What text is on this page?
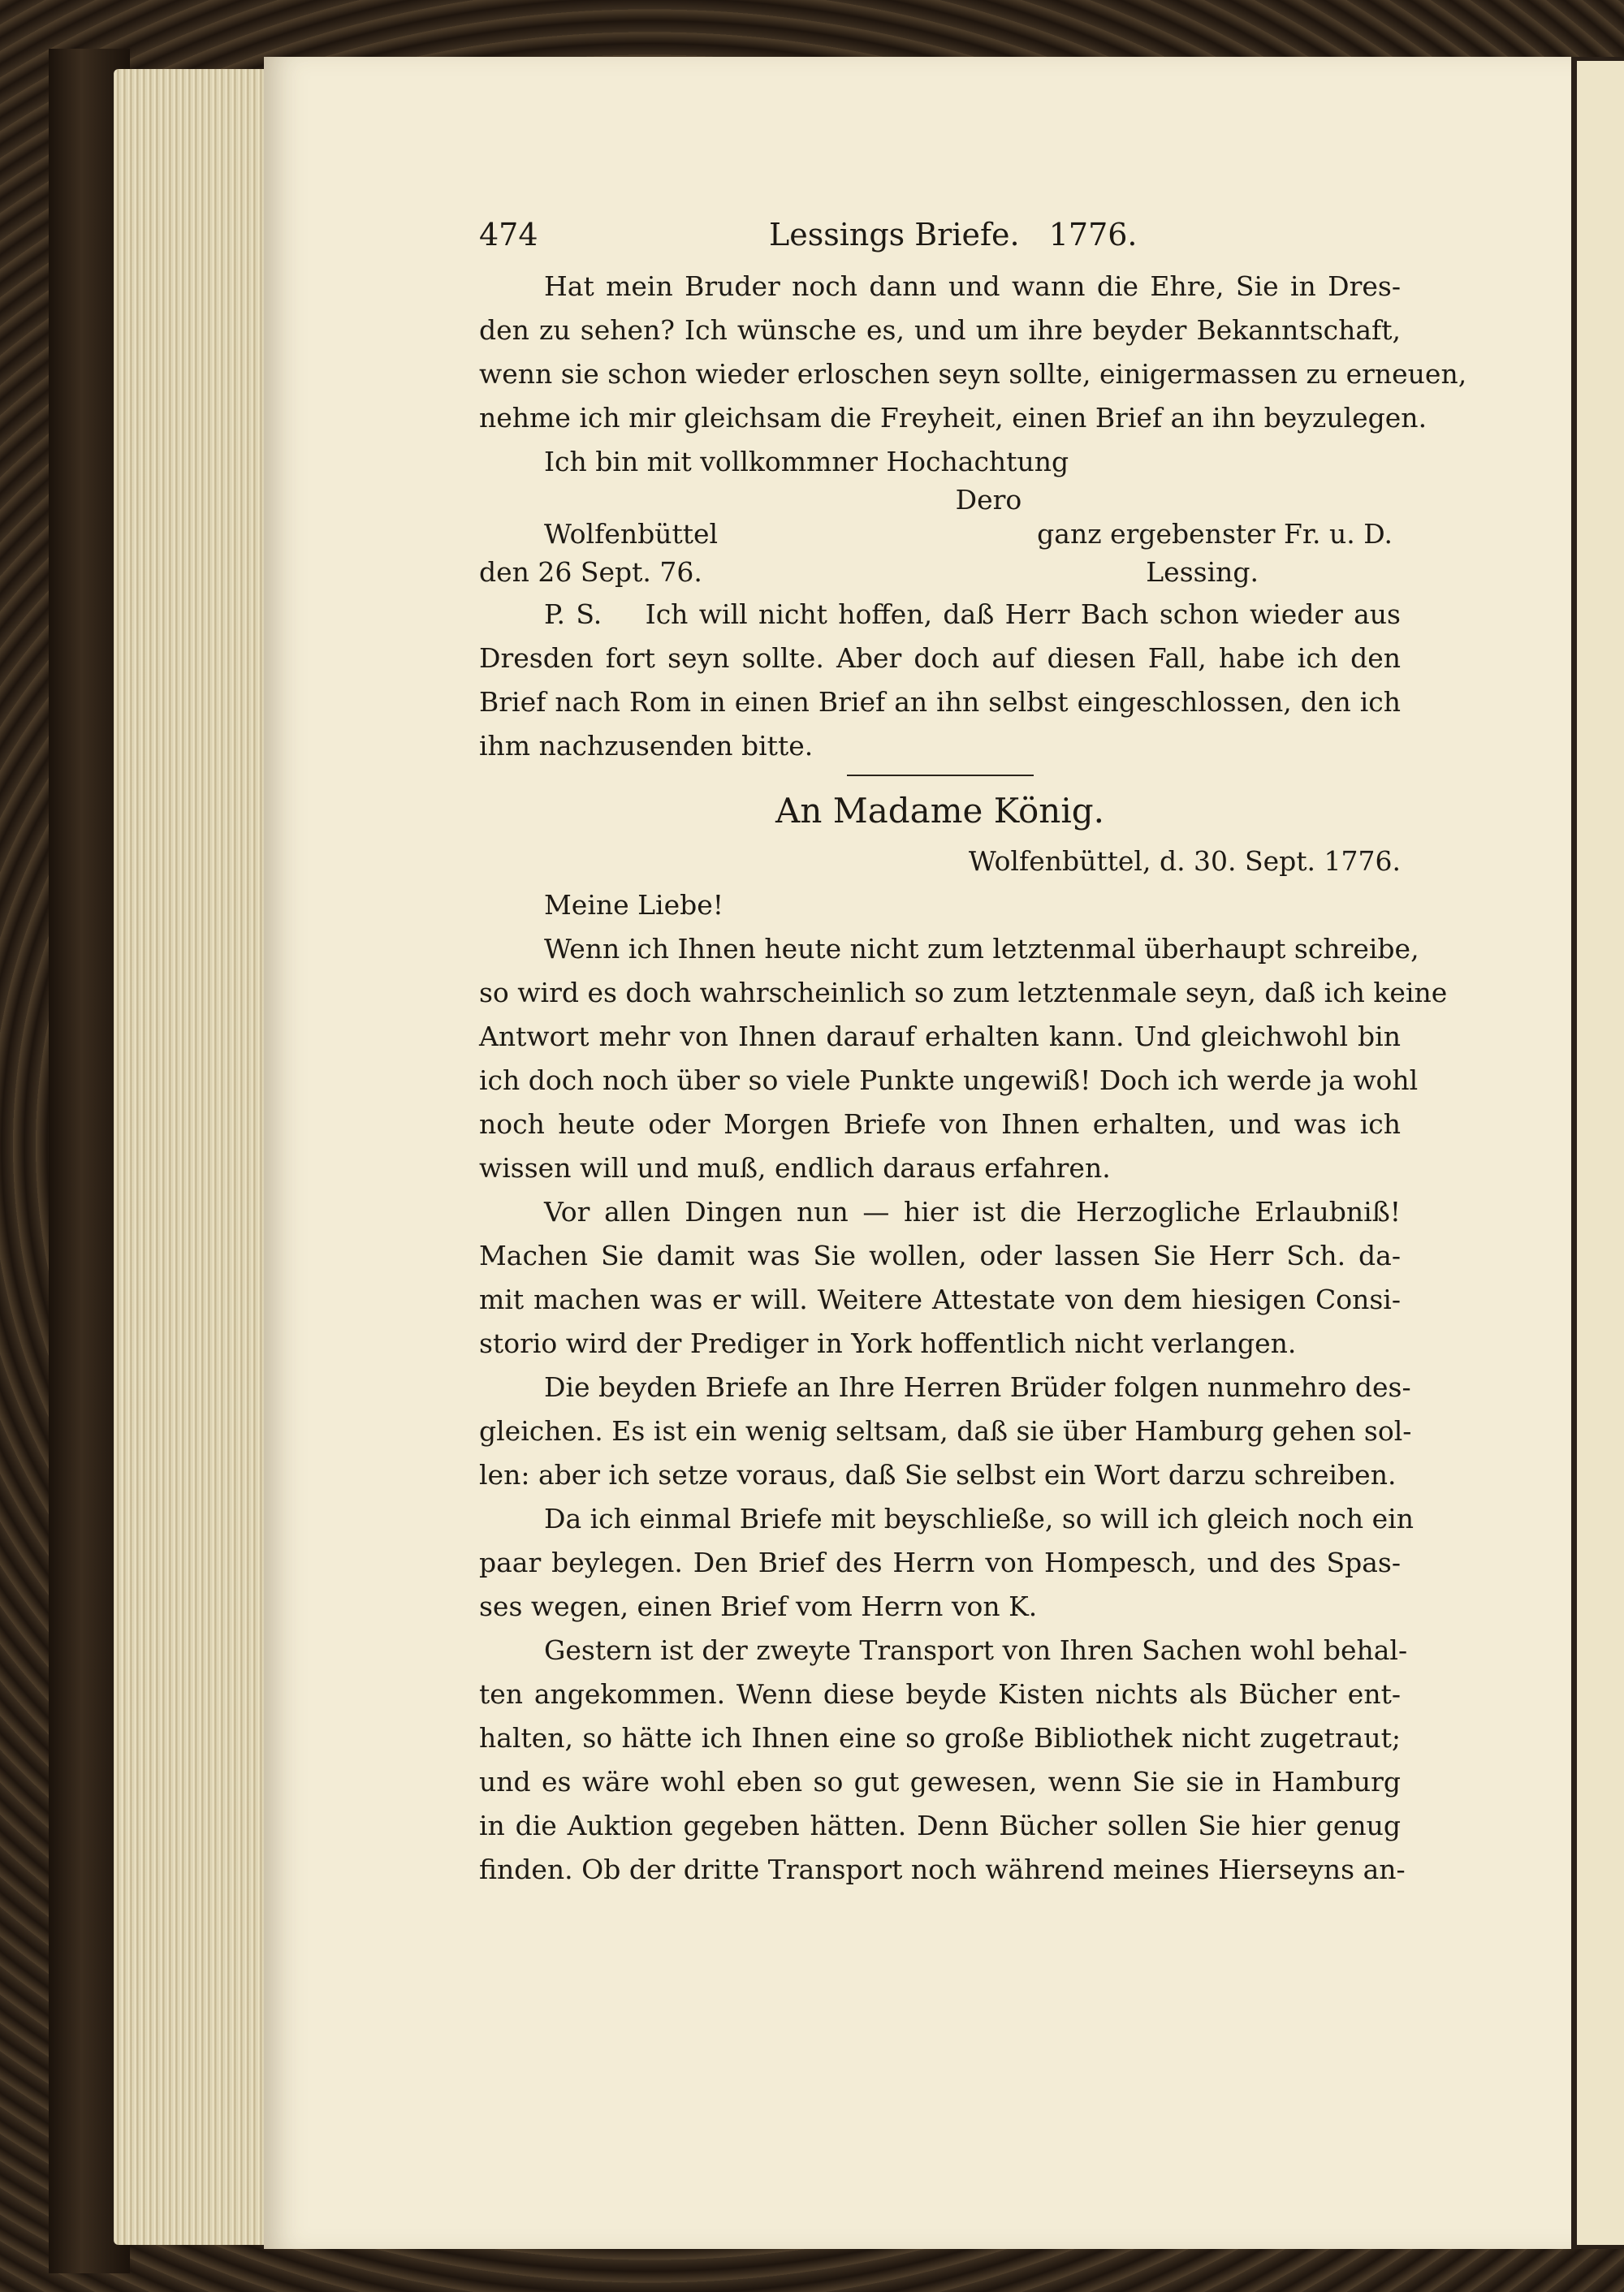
474	Lessings Briefe. 1776.
Hat mein Bruder noch dann und wann die Ehre, Sie in Dres-
den zu sehen? Ich wünsche es, und um ihre beyder Bekanntschaft,
wenn sie schon wieder erloschen seyn sollte, einigermassen zu erneuen,
nehme ich mir gleichsam die Freyheit, einen Brief an ihn beyzulegen.
Ich bin mit vollkommner Hochachtung
Dero
Wolfenbüttel	ganz ergebenster Fr. u. D.
den 26 Sept. 76.	Lessing.
P. S. Ich will nicht hoffen, daß Herr Bach schon wieder aus
Dresden fort seyn sollte. Aber doch auf diesen Fall, habe ich den
Brief nach Rom in einen Brief an ihn selbst eingeschlossen, den ich
ihm nachzusenden bitte.
An Madame König.
Wolfenbüttel, d. 30. Sept. 1776.
Meine Liebe!
Wenn ich Ihnen heute nicht zum letztenmal überhaupt schreibe,
so wird es doch wahrscheinlich so zum letztenmale seyn, daß ich keine
Antwort mehr von Ihnen darauf erhalten kann. Und gleichwohl bin
ich doch noch über so viele Punkte ungewiß! Doch ich werde ja wohl
noch heute oder Morgen Briefe von Ihnen erhalten, und was ich
wissen will und muß, endlich daraus erfahren.
Vor allen Dingen nun — hier ist die Herzogliche Erlaubniß!
Machen Sie damit was Sie wollen, oder lassen Sie Herr Sch. da-
mit machen was er will. Weitere Attestate von dem hiesigen Consi-
storio wird der Prediger in York hoffentlich nicht verlangen.
Die beyden Briefe an Ihre Herren Brüder folgen nunmehro des-
gleichen. Es ist ein wenig seltsam, daß sie über Hamburg gehen sol-
len: aber ich setze voraus, daß Sie selbst ein Wort darzu schreiben.
Da ich einmal Briefe mit beyschließe, so will ich gleich noch ein
paar beylegen. Den Brief des Herrn von Hompesch, und des Spas-
ses wegen, einen Brief vom Herrn von K.
Gestern ist der zweyte Transport von Ihren Sachen wohl behal-
ten angekommen. Wenn diese beyde Kisten nichts als Bücher ent-
halten, so hätte ich Ihnen eine so große Bibliothek nicht zugetraut;
und es wäre wohl eben so gut gewesen, wenn Sie sie in Hamburg
in die Auktion gegeben hätten. Denn Bücher sollen Sie hier genug
finden. Ob der dritte Transport noch während meines Hierseyns an-
